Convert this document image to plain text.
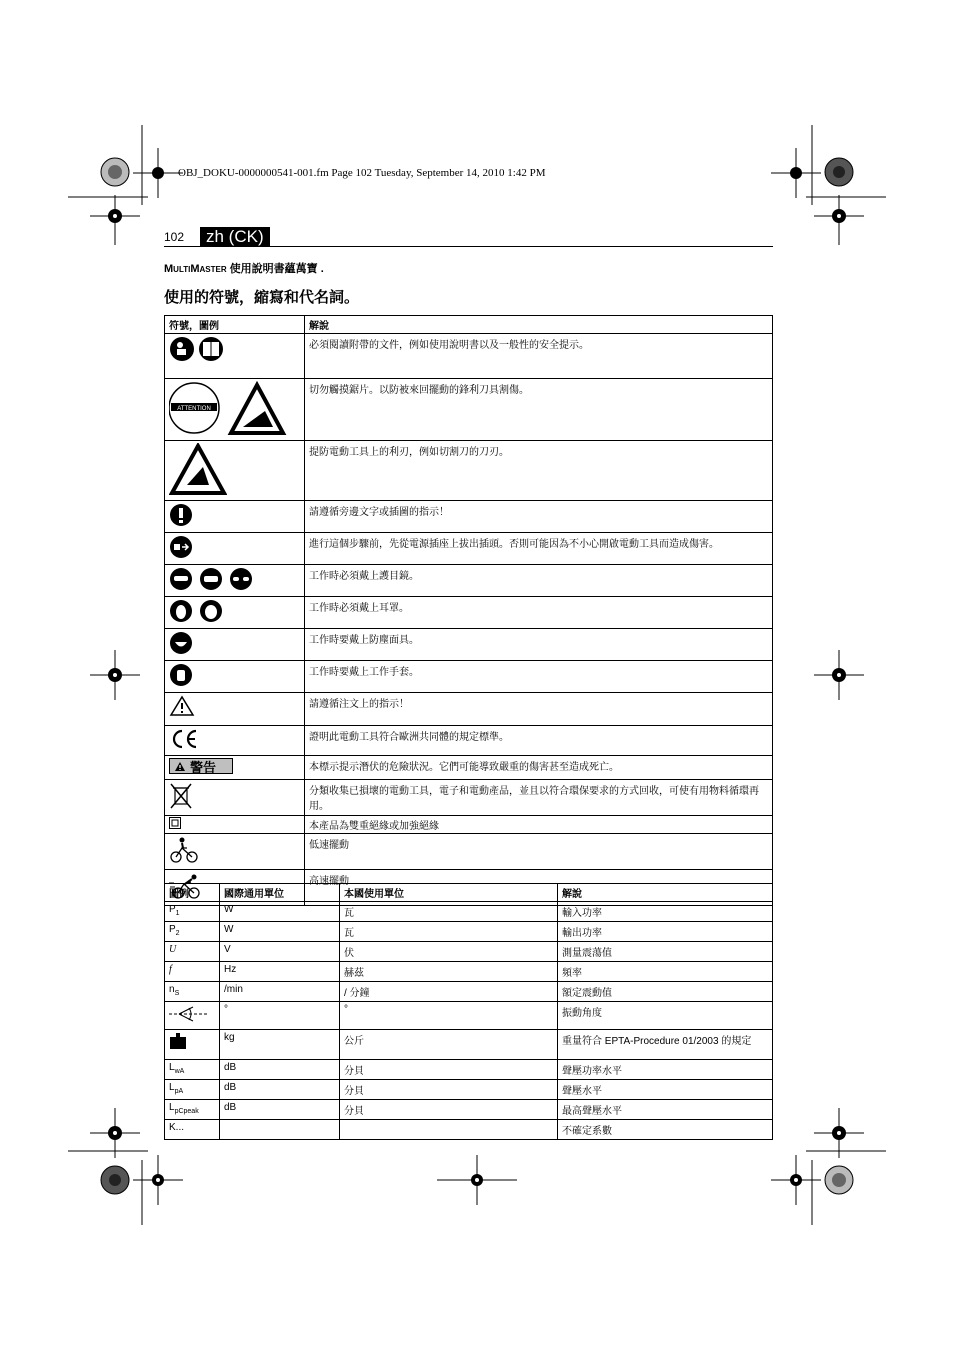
OBJ_DOKU-0000000541-001.fm Page 102 Tuesday, September 14, 2010 1:42 PM
102	zh (CK)
MultiMaster 使用說明書蘊萬寶 .
使用的符號，縮寫和代名詞。
符號，圖例	解說

	必須閱讀附帶的文件，例如使用說明書以及一般性的安全提示。

ATTENTION	切勿觸摸鋸片。以防被來回擺動的鋒利刀具割傷。

	提防電動工具上的利刃，例如切割刀的刀刃。

	請遵循旁邊文字或插圖的指示！

	進行這個步驟前，先從電源插座上拔出插頭。否則可能因為不小心開啟電動工具而造成傷害。

	工作時必須戴上護目鏡。

	工作時必須戴上耳罩。

	工作時要戴上防塵面具。

	工作時要戴上工作手套。

	請遵循注文上的指示！

	證明此電動工具符合歐洲共同體的規定標準。

警告	本標示提示潛伏的危險狀況。它們可能導致嚴重的傷害甚至造成死亡。

	分類收集已損壞的電動工具，電子和電動產品，並且以符合環保要求的方式回收，可使有用物料循環再用。

	本產品為雙重絕緣或加強絕緣

	低速擺動

	高速擺動
圖例	國際通用單位	本國使用單位	解說
$P_1$	W	瓦	輸入功率
$P_2$	W	瓦	輸出功率
U	V	伏	測量震蕩值
f	Hz	赫茲	頻率
$n_S$	/min	/ 分鐘	額定震動值

	°	°	振動角度

	kg	公斤	重量符合 EPTA-Procedure 01/2003 的規定
$L_{wA}$	dB	分貝	聲壓功率水平
$L_{pA}$	dB	分貝	聲壓水平
$L_{pCpeak}$	dB	分貝	最高聲壓水平
K...			不確定系數
